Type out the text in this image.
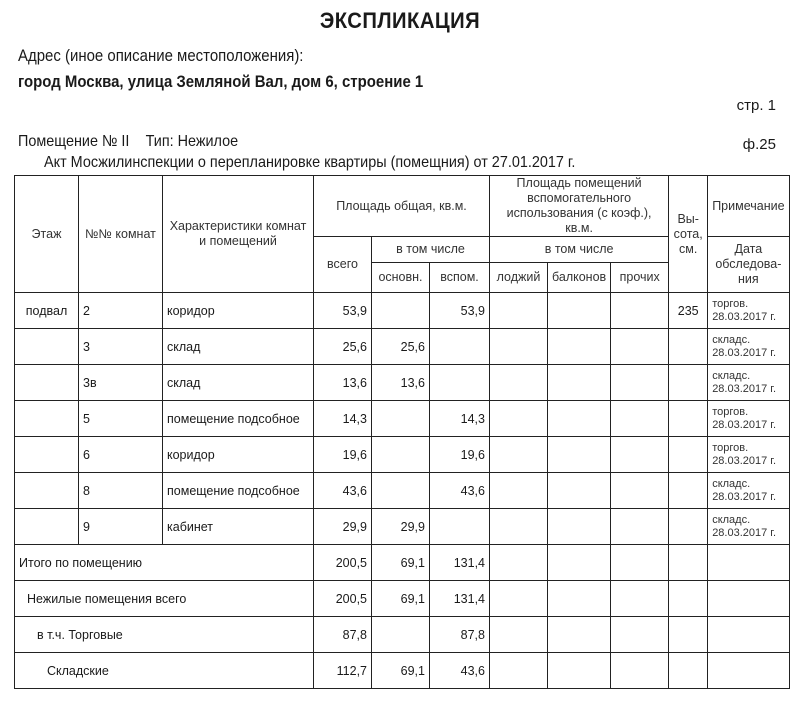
ЭКСПЛИКАЦИЯ
Адрес (иное описание местоположения):
город Москва, улица Земляной Вал, дом 6, строение 1
стр. 1
Помещение № II Тип: Нежилое	ф.25
Акт Мосжилинспекции о перепланировке квартиры (помещния) от 27.01.2017 г.
Этаж	№№ комнат	Характеристики комнат и помещений	Площадь общая, кв.м.			Площадь помещений вспомогательного использования (с коэф.), кв.м.			Вы-сота, см.	Примечание
			всего	в том числе		в том числе				Дата обследова-ния
				основн.	вспом.	лоджий	балконов	прочих		
подвал	2	коридор	53,9		53,9				235	торгов.
28.03.2017 г.

	3	склад	25,6	25,6						складс.
28.03.2017 г.

	3в	склад	13,6	13,6						складс.
28.03.2017 г.

	5	помещение подсобное	14,3		14,3					торгов.
28.03.2017 г.

	6	коридор	19,6		19,6					торгов.
28.03.2017 г.

	8	помещение подсобное	43,6		43,6					складс.
28.03.2017 г.

	9	кабинет	29,9	29,9						складс.
28.03.2017 г.

Итого по помещению			200,5	69,1	131,4					
Нежилые помещения всего			200,5	69,1	131,4					
в т.ч. Торговые			87,8		87,8					
Складские			112,7	69,1	43,6					
